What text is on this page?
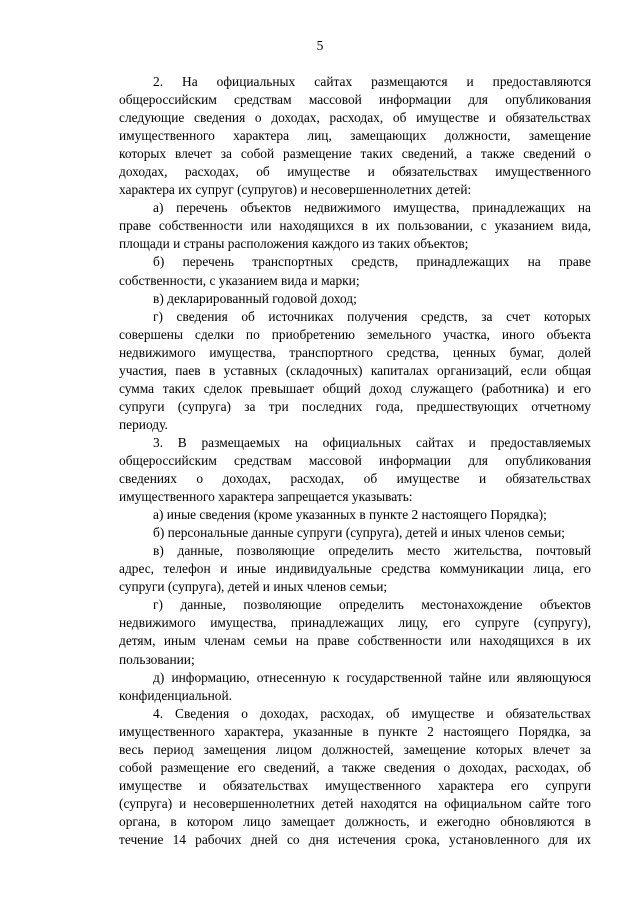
5
2. На официальных сайтах размещаются и предоставляются
общероссийским средствам массовой информации для опубликования
следующие сведения о доходах, расходах, об имуществе и обязательствах
имущественного характера лиц, замещающих должности, замещение
которых влечет за собой размещение таких сведений, а также сведений о
доходах, расходах, об имуществе и обязательствах имущественного
характера их супруг (супругов) и несовершеннолетних детей:
а) перечень объектов недвижимого имущества, принадлежащих на
праве собственности или находящихся в их пользовании, с указанием вида,
площади и страны расположения каждого из таких объектов;
б) перечень транспортных средств, принадлежащих на праве
собственности, с указанием вида и марки;
в) декларированный годовой доход;
г) сведения об источниках получения средств, за счет которых
совершены сделки по приобретению земельного участка, иного объекта
недвижимого имущества, транспортного средства, ценных бумаг, долей
участия, паев в уставных (складочных) капиталах организаций, если общая
сумма таких сделок превышает общий доход служащего (работника) и его
супруги (супруга) за три последних года, предшествующих отчетному
периоду.
3. В размещаемых на официальных сайтах и предоставляемых
общероссийским средствам массовой информации для опубликования
сведениях о доходах, расходах, об имуществе и обязательствах
имущественного характера запрещается указывать:
а) иные сведения (кроме указанных в пункте 2 настоящего Порядка);
б) персональные данные супруги (супруга), детей и иных членов семьи;
в) данные, позволяющие определить место жительства, почтовый
адрес, телефон и иные индивидуальные средства коммуникации лица, его
супруги (супруга), детей и иных членов семьи;
г) данные, позволяющие определить местонахождение объектов
недвижимого имущества, принадлежащих лицу, его супруге (супругу),
детям, иным членам семьи на праве собственности или находящихся в их
пользовании;
д) информацию, отнесенную к государственной тайне или являющуюся
конфиденциальной.
4. Сведения о доходах, расходах, об имуществе и обязательствах
имущественного характера, указанные в пункте 2 настоящего Порядка, за
весь период замещения лицом должностей, замещение которых влечет за
собой размещение его сведений, а также сведения о доходах, расходах, об
имуществе и обязательствах имущественного характера его супруги
(супруга) и несовершеннолетних детей находятся на официальном сайте того
органа, в котором лицо замещает должность, и ежегодно обновляются в
течение 14 рабочих дней со дня истечения срока, установленного для их
